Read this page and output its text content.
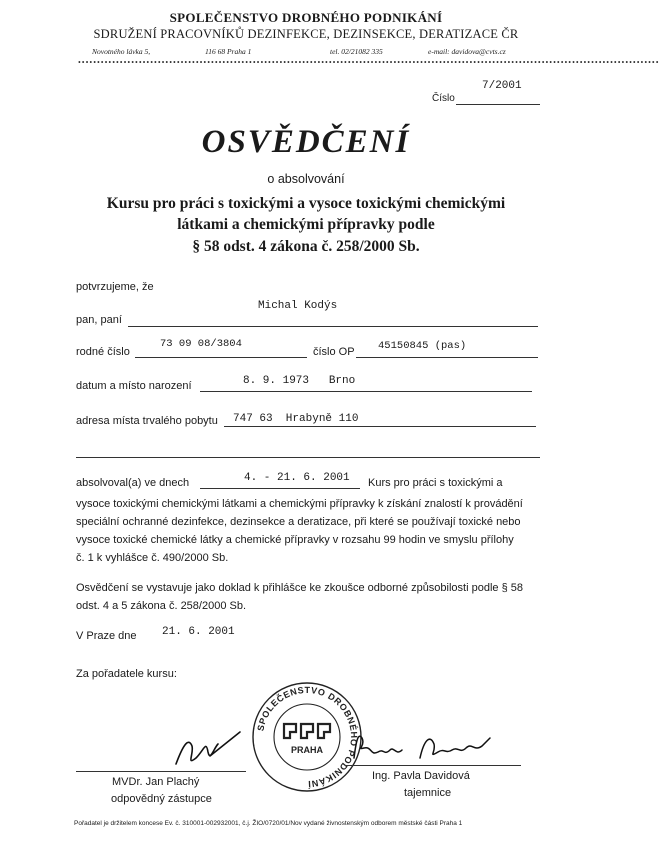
SPOLEČENSTVO DROBNÉHO PODNIKÁNÍ
SDRUŽENÍ PRACOVNÍKŮ DEZINFEKCE, DEZINSEKCE, DERATIZACE ČR
Novotného lávka 5,	116 68 Praha 1	tel. 02/21082 335	e-mail: davidova@cvts.cz
•••••••••••••••••••••••••••••••••••••••••••••••••••••••••••••••••••••••••••••••••••••••••••••••••••••••••••••••••••••••••••••••••••••••••••••••••••••••••
Číslo
7/2001
OSVĚDČENÍ
o absolvování
Kursu pro práci s toxickými a vysoce toxickými chemickými
látkami a chemickými přípravky podle
§ 58 odst. 4 zákona č. 258/2000 Sb.
potvrzujeme, že
pan, paní
Michal Kodýs
rodné číslo
73 09 08/3804
číslo OP 45150845 (pas)
datum a místo narození	8. 9. 1973   Brno
adresa místa trvalého pobytu 747 63  Hrabyně 110
absolvoval(a) ve dnech	4. - 21. 6. 2001 Kurs pro práci s toxickými a
vysoce toxickými chemickými látkami a chemickými přípravky k získání znalostí k provádění
speciální ochranné dezinfekce, dezinsekce a deratizace, při které se používají toxické nebo
vysoce toxické chemické látky a chemické přípravky v rozsahu 99 hodin ve smyslu přílohy
č. 1 k vyhlášce č. 490/2000 Sb.
Osvědčení se vystavuje jako doklad k přihlášce ke zkoušce odborné způsobilosti podle § 58
odst. 4 a 5 zákona č. 258/2000 Sb.
V Praze dne 21. 6. 2001
Za pořadatele kursu:
SPOLEČENSTVO DROBNÉHO PODNIKÁNÍ
PRAHA
MVDr. Jan Plachý
odpovědný zástupce
Ing. Pavla Davidová
tajemnice
Pořadatel je držitelem koncese Ev. č. 310001-002932001, č.j. ŽIO/0720/01/Nov vydané živnostenským odborem městské části Praha 1
